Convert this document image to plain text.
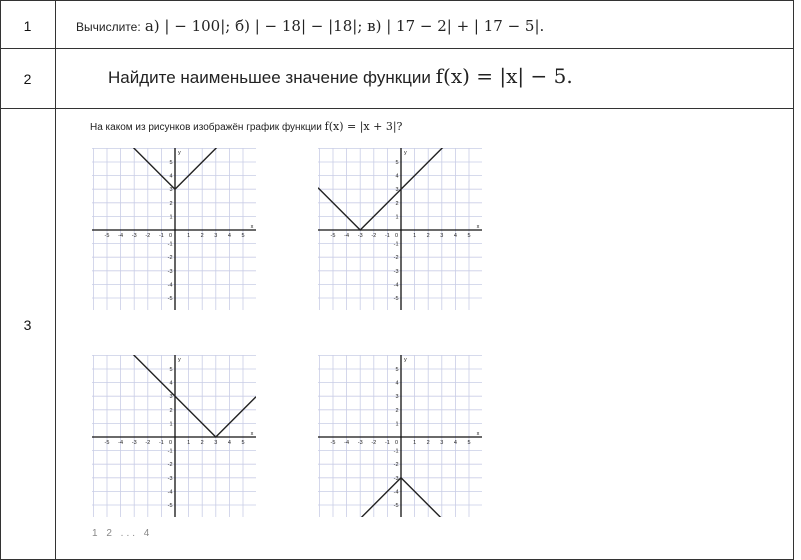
1
2
3
Вычислите: а) | − 100|; б) | − 18| − |18|; в) | 17 − 2| + | 17 − 5|.
Найдите наименьшее значение функции f(x) = |x| − 5.
На каком из рисунков изображён график функции f(x) = |x + 3|?
-5
-5
-4
-4
-3
-3
-2
-2
-1
-1
1
1
2
2
3
3
4
4
5
5
0
x
y
-5
-5
-4
-4
-3
-3
-2
-2
-1
-1
1
1
2
2
3
3
4
4
5
5
0
x
y
-5
-5
-4
-4
-3
-3
-2
-2
-1
-1
1
1
2
2
3
3
4
4
5
5
0
x
y
-5
-5
-4
-4
-3
-3
-2
-2
-1
-1
1
1
2
2
3
3
4
4
5
5
0
x
y
1 2 ... 4
